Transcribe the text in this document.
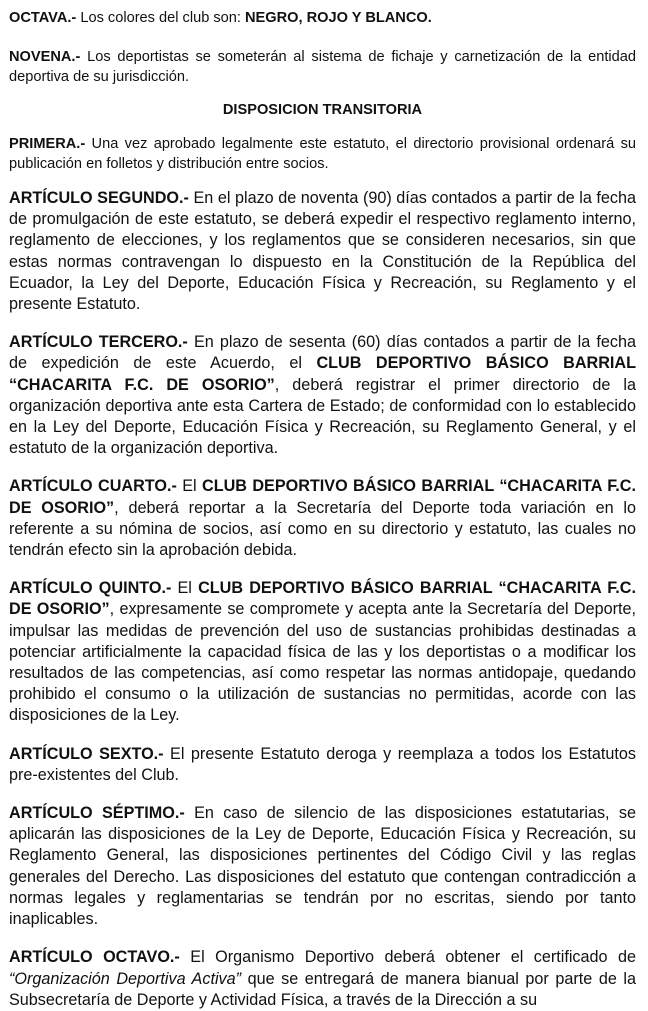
OCTAVA.- Los colores del club son: NEGRO, ROJO Y BLANCO.

NOVENA.- Los deportistas se someterán al sistema de fichaje y carnetización de la entidad deportiva de su jurisdicción.

DISPOSICION TRANSITORIA

PRIMERA.- Una vez aprobado legalmente este estatuto, el directorio provisional ordenará su publicación en folletos y distribución entre socios.

ARTÍCULO SEGUNDO.- En el plazo de noventa (90) días contados a partir de la fecha de promulgación de este estatuto, se deberá expedir el respectivo reglamento interno, reglamento de elecciones, y los reglamentos que se consideren necesarios, sin que estas normas contravengan lo dispuesto en la Constitución de la República del Ecuador, la Ley del Deporte, Educación Física y Recreación, su Reglamento y el presente Estatuto.

ARTÍCULO TERCERO.- En plazo de sesenta (60) días contados a partir de la fecha de expedición de este Acuerdo, el CLUB DEPORTIVO BÁSICO BARRIAL “CHACARITA F.C. DE OSORIO”, deberá registrar el primer directorio de la organización deportiva ante esta Cartera de Estado; de conformidad con lo establecido en la Ley del Deporte, Educación Física y Recreación, su Reglamento General, y el estatuto de la organización deportiva.

ARTÍCULO CUARTO.- El CLUB DEPORTIVO BÁSICO BARRIAL “CHACARITA F.C. DE OSORIO”, deberá reportar a la Secretaría del Deporte toda variación en lo referente a su nómina de socios, así como en su directorio y estatuto, las cuales no tendrán efecto sin la aprobación debida.

ARTÍCULO QUINTO.- El CLUB DEPORTIVO BÁSICO BARRIAL “CHACARITA F.C. DE OSORIO”, expresamente se compromete y acepta ante la Secretaría del Deporte, impulsar las medidas de prevención del uso de sustancias prohibidas destinadas a potenciar artificialmente la capacidad física de las y los deportistas o a modificar los resultados de las competencias, así como respetar las normas antidopaje, quedando prohibido el consumo o la utilización de sustancias no permitidas, acorde con las disposiciones de la Ley.

ARTÍCULO SEXTO.- El presente Estatuto deroga y reemplaza a todos los Estatutos pre-existentes del Club.

ARTÍCULO SÉPTIMO.- En caso de silencio de las disposiciones estatutarias, se aplicarán las disposiciones de la Ley de Deporte, Educación Física y Recreación, su Reglamento General, las disposiciones pertinentes del Código Civil y las reglas generales del Derecho. Las disposiciones del estatuto que contengan contradicción a normas legales y reglamentarias se tendrán por no escritas, siendo por tanto inaplicables.

ARTÍCULO OCTAVO.- El Organismo Deportivo deberá obtener el certificado de “Organización Deportiva Activa” que se entregará de manera bianual por parte de la Subsecretaría de Deporte y Actividad Física, a través de la Dirección a su
